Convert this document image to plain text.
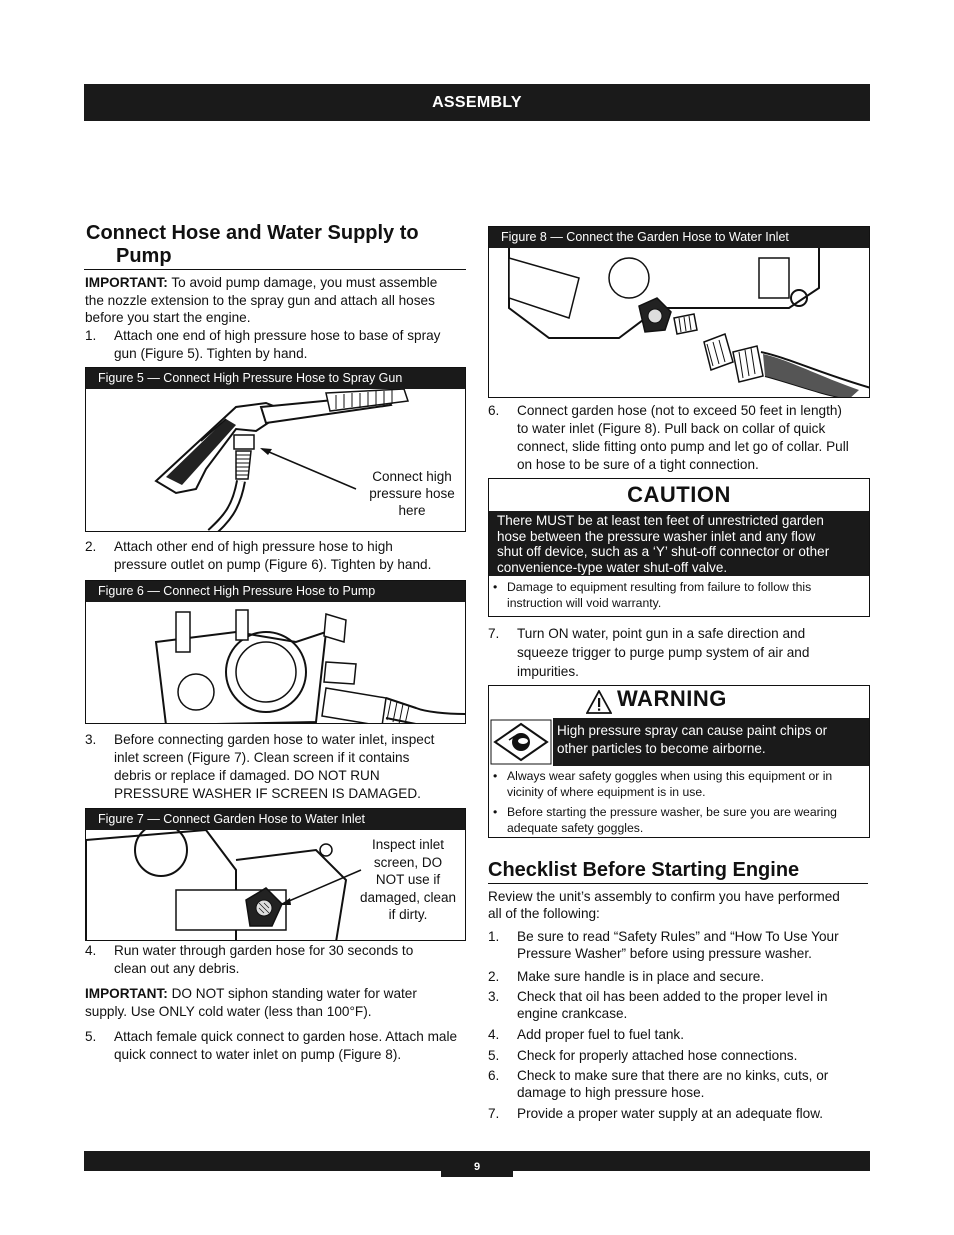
ASSEMBLY
Connect Hose and Water Supply to
Pump
IMPORTANT: To avoid pump damage, you must assemble
the nozzle extension to the spray gun and attach all hoses
before you start the engine.
1. Attach one end of high pressure hose to base of spray
gun (Figure 5). Tighten by hand.
Figure 5 — Connect High Pressure Hose to Spray Gun
Connect high
pressure hose
here
2. Attach other end of high pressure hose to high
pressure outlet on pump (Figure 6). Tighten by hand.
Figure 6 — Connect High Pressure Hose to Pump
3. Before connecting garden hose to water inlet, inspect
inlet screen (Figure 7). Clean screen if it contains
debris or replace if damaged. DO NOT RUN
PRESSURE WASHER IF SCREEN IS DAMAGED.
Figure 7 — Connect Garden Hose to Water Inlet
Inspect inlet
screen, DO
NOT use if
damaged, clean
if dirty.
4. Run water through garden hose for 30 seconds to
clean out any debris.
IMPORTANT: DO NOT siphon standing water for water
supply. Use ONLY cold water (less than 100°F).
5. Attach female quick connect to garden hose. Attach male
quick connect to water inlet on pump (Figure 8).
Figure 8 — Connect the Garden Hose to Water Inlet
6. Connect garden hose (not to exceed 50 feet in length)
to water inlet (Figure 8). Pull back on collar of quick
connect, slide fitting onto pump and let go of collar. Pull
on hose to be sure of a tight connection.
CAUTION
There MUST be at least ten feet of unrestricted garden
hose between the pressure washer inlet and any flow
shut off device, such as a ‘Y’ shut-off connector or other
convenience-type water shut-off valve.
• Damage to equipment resulting from failure to follow this
instruction will void warranty.
7. Turn ON water, point gun in a safe direction and
squeeze trigger to purge pump system of air and
impurities.
WARNING
High pressure spray can cause paint chips or
other particles to become airborne.
• Always wear safety goggles when using this equipment or in
vicinity of where equipment is in use.
• Before starting the pressure washer, be sure you are wearing
adequate safety goggles.
Checklist Before Starting Engine
Review the unit’s assembly to confirm you have performed
all of the following:
1. Be sure to read “Safety Rules” and “How To Use Your
Pressure Washer” before using pressure washer.
2. Make sure handle is in place and secure.
3. Check that oil has been added to the proper level in
engine crankcase.
4. Add proper fuel to fuel tank.
5. Check for properly attached hose connections.
6. Check to make sure that there are no kinks, cuts, or
damage to high pressure hose.
7. Provide a proper water supply at an adequate flow.
9
